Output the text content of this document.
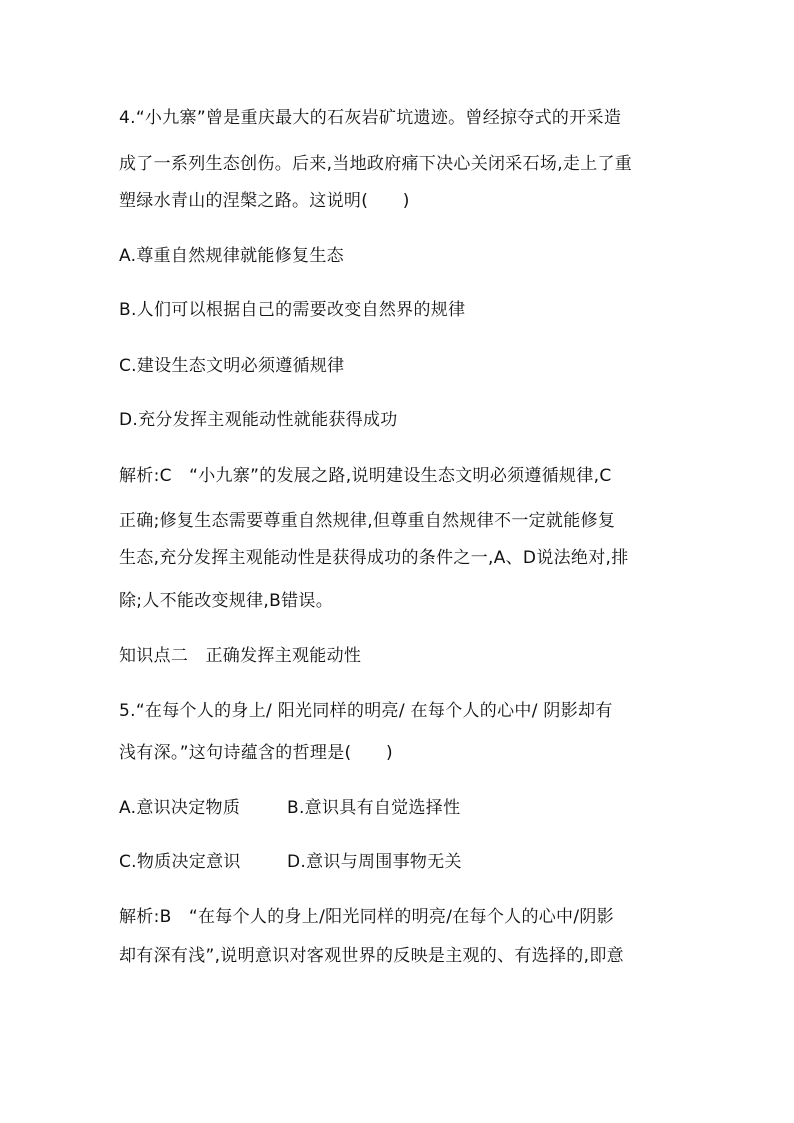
4.“小九寨”曾是重庆最大的石灰岩矿坑遗迹。曾经掠夺式的开采造
成了一系列生态创伤。后来,当地政府痛下决心关闭采石场,走上了重
塑绿水青山的涅槃之路。这说明(　　)
A.尊重自然规律就能修复生态
B.人们可以根据自己的需要改变自然界的规律
C.建设生态文明必须遵循规律
D.充分发挥主观能动性就能获得成功
解析:C　“小九寨”的发展之路,说明建设生态文明必须遵循规律,C
正确;修复生态需要尊重自然规律,但尊重自然规律不一定就能修复
生态,充分发挥主观能动性是获得成功的条件之一,A、D说法绝对,排
除;人不能改变规律,B错误。
知识点二　正确发挥主观能动性
5.“在每个人的身上/ 阳光同样的明亮/ 在每个人的心中/ 阴影却有
浅有深。”这句诗蕴含的哲理是(　　)
A.意识决定物质	B.意识具有自觉选择性
C.物质决定意识	D.意识与周围事物无关
解析:B　“在每个人的身上/阳光同样的明亮/在每个人的心中/阴影
却有深有浅”,说明意识对客观世界的反映是主观的、有选择的,即意
